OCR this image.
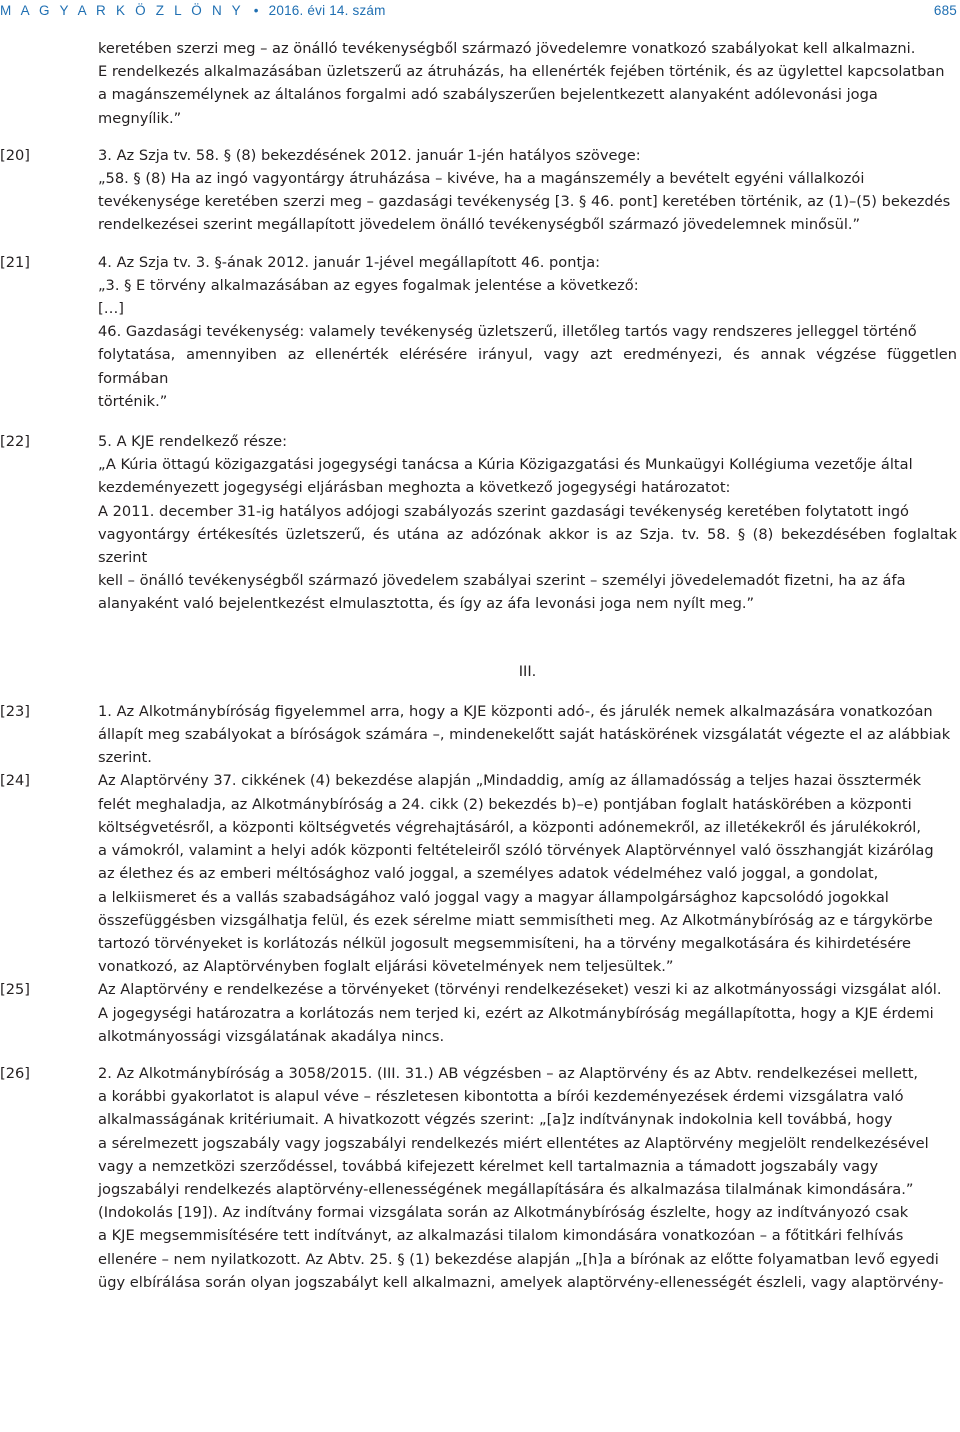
M A G Y A R K Ö Z L Ö N Y • 2016. évi 14. szám	685
keretében szerzi meg – az önálló tevékenységből származó jövedelemre vonatkozó szabályokat kell alkalmazni.
E rendelkezés alkalmazásában üzletszerű az átruházás, ha ellenérték fejében történik, és az ügylettel kapcsolatban
a magánszemélynek az általános forgalmi adó szabályszerűen bejelentkezett alanyaként adólevonási joga
megnyílik.”
[20]	3. Az Szja tv. 58. § (8) bekezdésének 2012. január 1-jén hatályos szövege:
„58. § (8) Ha az ingó vagyontárgy átruházása – kivéve, ha a magánszemély a bevételt egyéni vállalkozói
tevékenysége keretében szerzi meg – gazdasági tevékenység [3. § 46. pont] keretében történik, az (1)–(5) bekezdés
rendelkezései szerint megállapított jövedelem önálló tevékenységből származó jövedelemnek minősül.”
[21]	4. Az Szja tv. 3. §-ának 2012. január 1-jével megállapított 46. pontja:
„3. § E törvény alkalmazásában az egyes fogalmak jelentése a következő:
[…]
46. Gazdasági tevékenység: valamely tevékenység üzletszerű, illetőleg tartós vagy rendszeres jelleggel történő
folytatása, amennyiben az ellenérték elérésére irányul, vagy azt eredményezi, és annak végzése független formában
történik.”
[22]	5. A KJE rendelkező része:
„A Kúria öttagú közigazgatási jogegységi tanácsa a Kúria Közigazgatási és Munkaügyi Kollégiuma vezetője által
kezdeményezett jogegységi eljárásban meghozta a következő jogegységi határozatot:
A 2011. december 31-ig hatályos adójogi szabályozás szerint gazdasági tevékenység keretében folytatott ingó
vagyontárgy értékesítés üzletszerű, és utána az adózónak akkor is az Szja. tv. 58. § (8) bekezdésében foglaltak szerint
kell – önálló tevékenységből származó jövedelem szabályai szerint – személyi jövedelemadót fizetni, ha az áfa
alanyaként való bejelentkezést elmulasztotta, és így az áfa levonási joga nem nyílt meg.”

III.

[23]	1. Az Alkotmánybíróság figyelemmel arra, hogy a KJE központi adó-, és járulék nemek alkalmazására vonatkozóan
állapít meg szabályokat a bíróságok számára –, mindenekelőtt saját hatáskörének vizsgálatát végezte el az alábbiak
szerint.
[24]	Az Alaptörvény 37. cikkének (4) bekezdése alapján „Mindaddig, amíg az államadósság a teljes hazai össztermék
felét meghaladja, az Alkotmánybíróság a 24. cikk (2) bekezdés b)–e) pontjában foglalt hatáskörében a központi
költségvetésről, a központi költségvetés végrehajtásáról, a központi adónemekről, az illetékekről és járulékokról,
a vámokról, valamint a helyi adók központi feltételeiről szóló törvények Alaptörvénnyel való összhangját kizárólag
az élethez és az emberi méltósághoz való joggal, a személyes adatok védelméhez való joggal, a gondolat,
a lelkiismeret és a vallás szabadságához való joggal vagy a magyar állampolgársághoz kapcsolódó jogokkal
összefüggésben vizsgálhatja felül, és ezek sérelme miatt semmisítheti meg. Az Alkotmánybíróság az e tárgykörbe
tartozó törvényeket is korlátozás nélkül jogosult megsemmisíteni, ha a törvény megalkotására és kihirdetésére
vonatkozó, az Alaptörvényben foglalt eljárási követelmények nem teljesültek.”
[25]	Az Alaptörvény e rendelkezése a törvényeket (törvényi rendelkezéseket) veszi ki az alkotmányossági vizsgálat alól.
A jogegységi határozatra a korlátozás nem terjed ki, ezért az Alkotmánybíróság megállapította, hogy a KJE érdemi
alkotmányossági vizsgálatának akadálya nincs.
[26]	2. Az Alkotmánybíróság a 3058/2015. (III. 31.) AB végzésben – az Alaptörvény és az Abtv. rendelkezései mellett,
a korábbi gyakorlatot is alapul véve – részletesen kibontotta a bírói kezdeményezések érdemi vizsgálatra való
alkalmasságának kritériumait. A hivatkozott végzés szerint: „[a]z indítványnak indokolnia kell továbbá, hogy
a sérelmezett jogszabály vagy jogszabályi rendelkezés miért ellentétes az Alaptörvény megjelölt rendelkezésével
vagy a nemzetközi szerződéssel, továbbá kifejezett kérelmet kell tartalmaznia a támadott jogszabály vagy
jogszabályi rendelkezés alaptörvény-ellenességének megállapítására és alkalmazása tilalmának kimondására.”
(Indokolás [19]). Az indítvány formai vizsgálata során az Alkotmánybíróság észlelte, hogy az indítványozó csak
a KJE megsemmisítésére tett indítványt, az alkalmazási tilalom kimondására vonatkozóan – a főtitkári felhívás
ellenére – nem nyilatkozott. Az Abtv. 25. § (1) bekezdése alapján „[h]a a bírónak az előtte folyamatban levő egyedi
ügy elbírálása során olyan jogszabályt kell alkalmazni, amelyek alaptörvény-ellenességét észleli, vagy alaptörvény-
